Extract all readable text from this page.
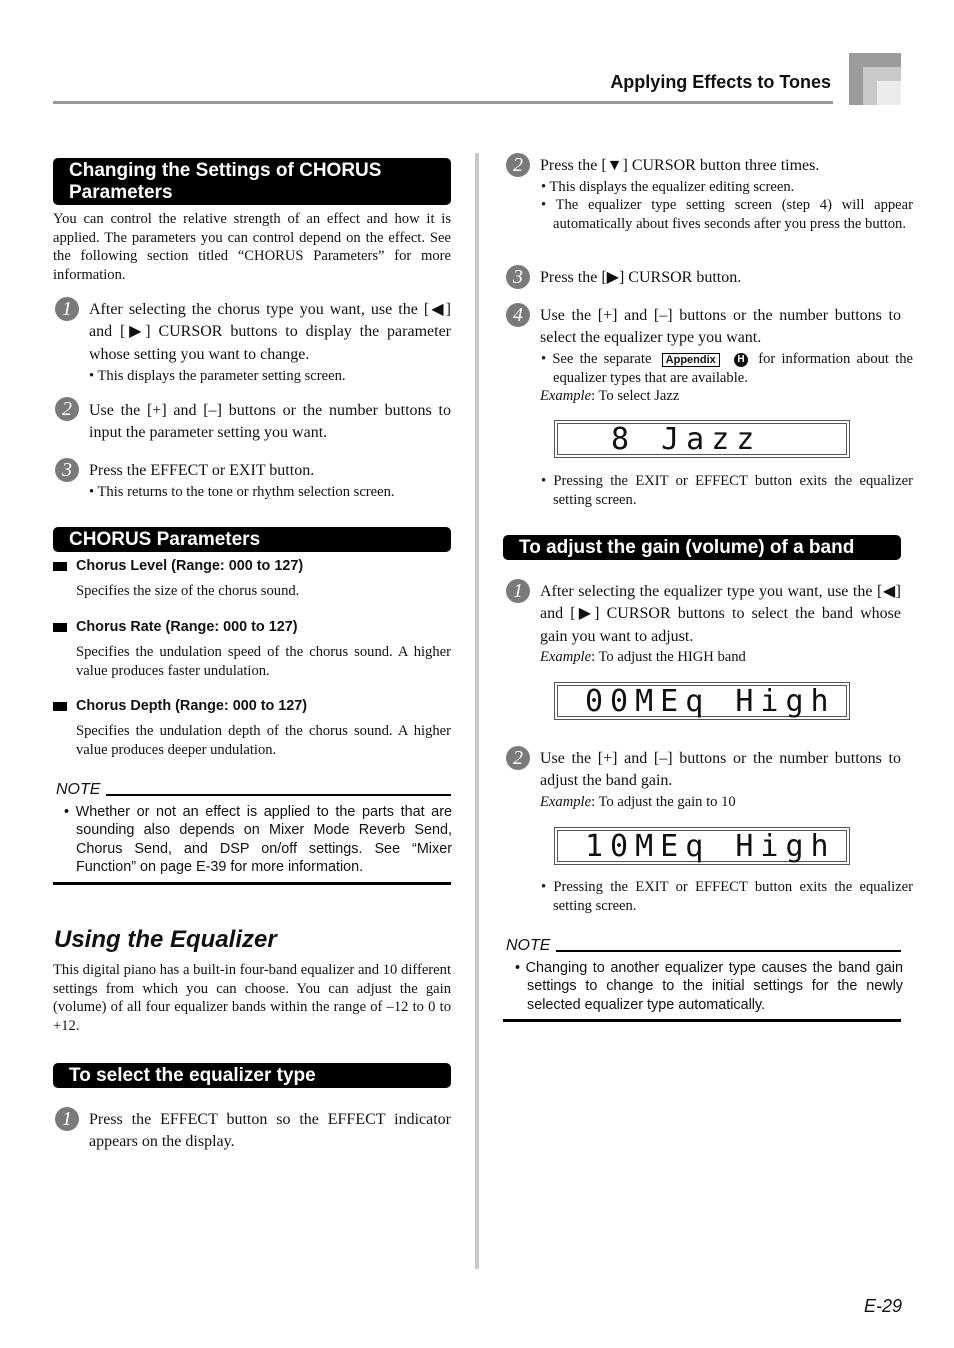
Applying Effects to Tones
Changing the Settings of CHORUS
Parameters
You can control the relative strength of an effect and how it is applied. The parameters you can control depend on the effect. See the following section titled “CHORUS Parameters” for more information.
1	After selecting the chorus type you want, use the [◀] and [▶] CURSOR buttons to display the parameter whose setting you want to change.
• This displays the parameter setting screen.
2	Use the [+] and [–] buttons or the number buttons to input the parameter setting you want.
3	Press the EFFECT or EXIT button.
• This returns to the tone or rhythm selection screen.
CHORUS Parameters
Chorus Level (Range: 000 to 127)
Specifies the size of the chorus sound.
Chorus Rate (Range: 000 to 127)
Specifies the undulation speed of the chorus sound. A higher value produces faster undulation.
Chorus Depth (Range: 000 to 127)
Specifies the undulation depth of the chorus sound. A higher value produces deeper undulation.
NOTE
• Whether or not an effect is applied to the parts that are sounding also depends on Mixer Mode Reverb Send, Chorus Send, and DSP on/off settings. See “Mixer Function” on page E-39 for more information.
Using the Equalizer
This digital piano has a built-in four-band equalizer and 10 different settings from which you can choose. You can adjust the gain (volume) of all four equalizer bands within the range of –12 to 0 to +12.
To select the equalizer type
1	Press the EFFECT button so the EFFECT indicator appears on the display.
2	Press the [▼] CURSOR button three times.
• This displays the equalizer editing screen.
• The equalizer type setting screen (step 4) will appear automatically about fives seconds after you press the button.
3	Press the [▶] CURSOR button.
4	Use the [+] and [–] buttons or the number buttons to select the equalizer type you want.
• See the separate Appendix H for information about the equalizer types that are available.
Example: To select Jazz
8 Jazz
• Pressing the EXIT or EFFECT button exits the equalizer setting screen.
To adjust the gain (volume) of a band
1	After selecting the equalizer type you want, use the [◀] and [▶] CURSOR buttons to select the band whose gain you want to adjust.
Example: To adjust the HIGH band
00MEq High
2	Use the [+] and [–] buttons or the number buttons to adjust the band gain.
Example: To adjust the gain to 10
10MEq High
• Pressing the EXIT or EFFECT button exits the equalizer setting screen.
NOTE
• Changing to another equalizer type causes the band gain settings to change to the initial settings for the newly selected equalizer type automatically.
E-29
